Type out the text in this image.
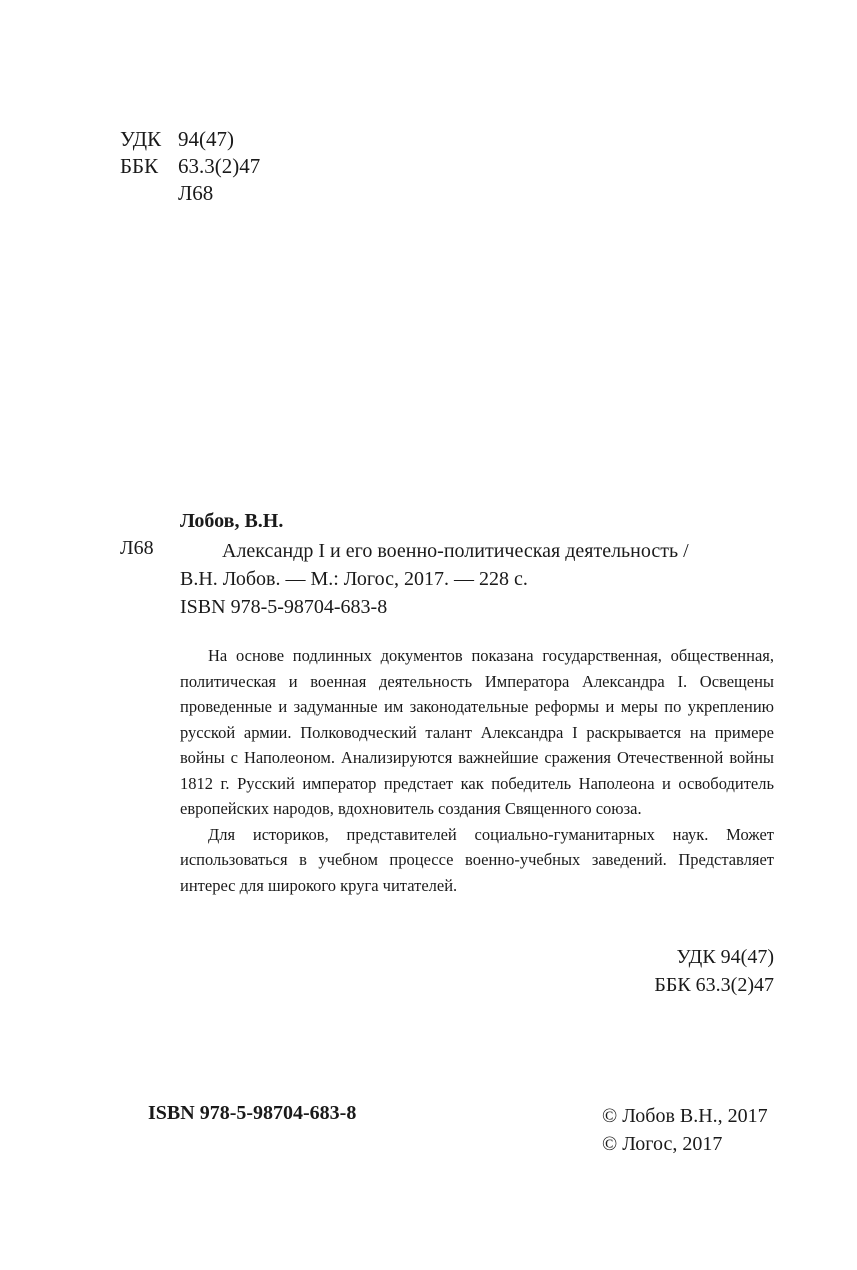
УДК 94(47)
ББК 63.3(2)47
Л68
Лобов, В.Н.
Л68	Александр I и его военно-политическая деятельность /
В.Н. Лобов. — М.: Логос, 2017. — 228 с.
ISBN 978-5-98704-683-8

На основе подлинных документов показана государственная, общественная, политическая и военная деятельность Императора Александра I. Освещены проведенные и задуманные им законодательные реформы и меры по укреплению русской армии. Полководческий талант Александра I раскрывается на примере войны с Наполеоном. Анализируются важнейшие сражения Отечественной войны 1812 г. Русский император предстает как победитель Наполеона и освободитель европейских народов, вдохновитель создания Священного союза.

Для историков, представителей социально-гуманитарных наук. Может использоваться в учебном процессе военно-учебных заведений. Представляет интерес для широкого круга читателей.

УДК 94(47)
ББК 63.3(2)47
ISBN 978-5-98704-683-8	© Лобов В.Н., 2017
© Логос, 2017
